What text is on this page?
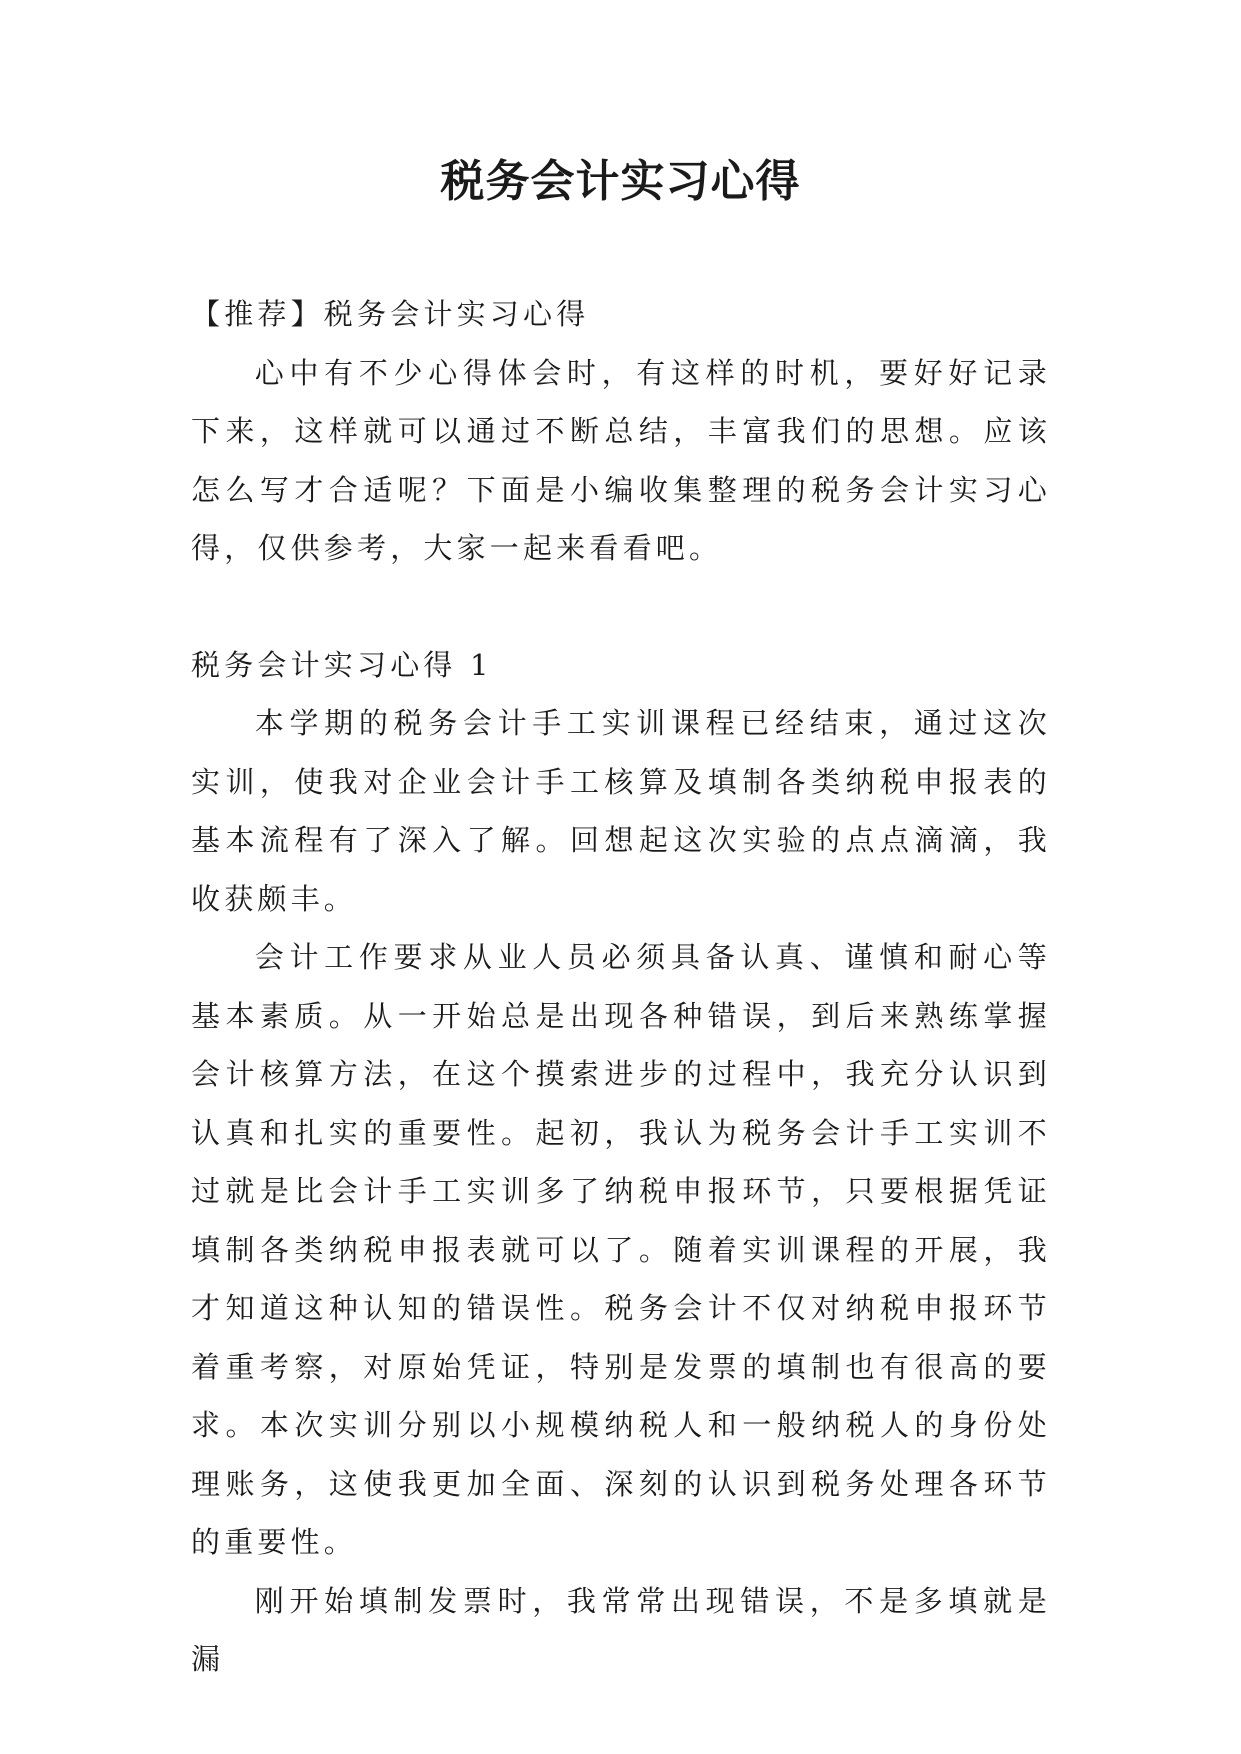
税务会计实习心得

【推荐】税务会计实习心得

心中有不少心得体会时，有这样的时机，要好好记录下来，这样就可以通过不断总结，丰富我们的思想。应该怎么写才合适呢？下面是小编收集整理的税务会计实习心得，仅供参考，大家一起来看看吧。

税务会计实习心得 1

本学期的税务会计手工实训课程已经结束，通过这次实训，使我对企业会计手工核算及填制各类纳税申报表的基本流程有了深入了解。回想起这次实验的点点滴滴，我收获颇丰。

会计工作要求从业人员必须具备认真、谨慎和耐心等基本素质。从一开始总是出现各种错误，到后来熟练掌握会计核算方法，在这个摸索进步的过程中，我充分认识到认真和扎实的重要性。起初，我认为税务会计手工实训不过就是比会计手工实训多了纳税申报环节，只要根据凭证填制各类纳税申报表就可以了。随着实训课程的开展，我才知道这种认知的错误性。税务会计不仅对纳税申报环节着重考察，对原始凭证，特别是发票的填制也有很高的要求。本次实训分别以小规模纳税人和一般纳税人的身份处理账务，这使我更加全面、深刻的认识到税务处理各环节的重要性。

刚开始填制发票时，我常常出现错误，不是多填就是漏
